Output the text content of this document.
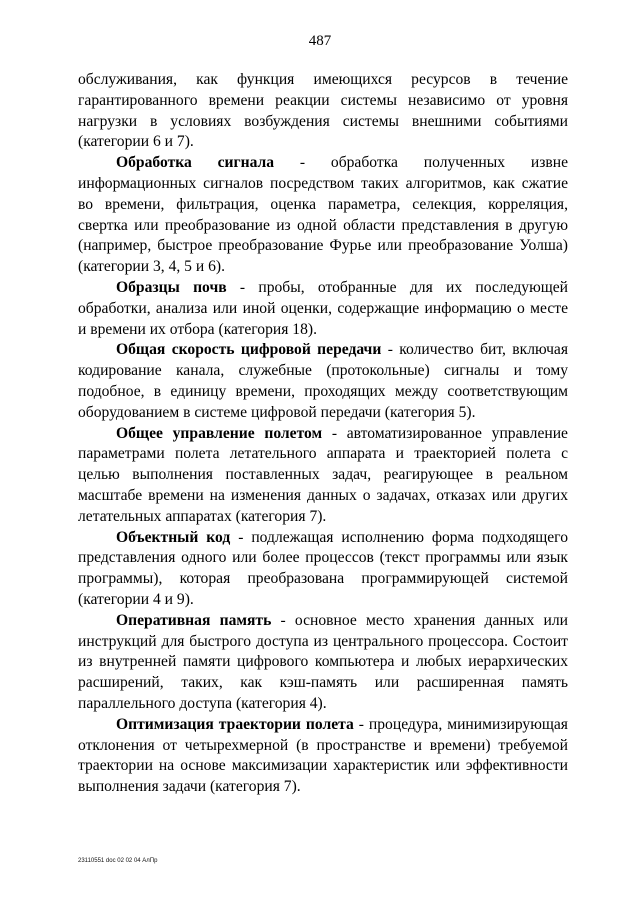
487

обслуживания, как функция имеющихся ресурсов в течение гарантированного времени реакции системы независимо от уровня нагрузки в условиях возбуждения системы внешними событиями (категории 6 и 7).

Обработка сигнала - обработка полученных извне информационных сигналов посредством таких алгоритмов, как сжатие во времени, фильтрация, оценка параметра, селекция, корреляция, свертка или преобразование из одной области представления в другую (например, быстрое преобразование Фурье или преобразование Уолша) (категории 3, 4, 5 и 6).

Образцы почв - пробы, отобранные для их последующей обработки, анализа или иной оценки, содержащие информацию о месте и времени их отбора (категория 18).

Общая скорость цифровой передачи - количество бит, включая кодирование канала, служебные (протокольные) сигналы и тому подобное, в единицу времени, проходящих между соответствующим оборудованием в системе цифровой передачи (категория 5).

Общее управление полетом - автоматизированное управление параметрами полета летательного аппарата и траекторией полета с целью выполнения поставленных задач, реагирующее в реальном масштабе времени на изменения данных о задачах, отказах или других летательных аппаратах (категория 7).

Объектный код - подлежащая исполнению форма подходящего представления одного или более процессов (текст программы или язык программы), которая преобразована программирующей системой (категории 4 и 9).

Оперативная память - основное место хранения данных или инструкций для быстрого доступа из центрального процессора. Состоит из внутренней памяти цифрового компьютера и любых иерархических расширений, таких, как кэш-память или расширенная память параллельного доступа (категория 4).

Оптимизация траектории полета - процедура, минимизирующая отклонения от четырехмерной (в пространстве и времени) требуемой траектории на основе максимизации характеристик или эффективности выполнения задачи (категория 7).

23110551 doc 02 02 04 АлПр
